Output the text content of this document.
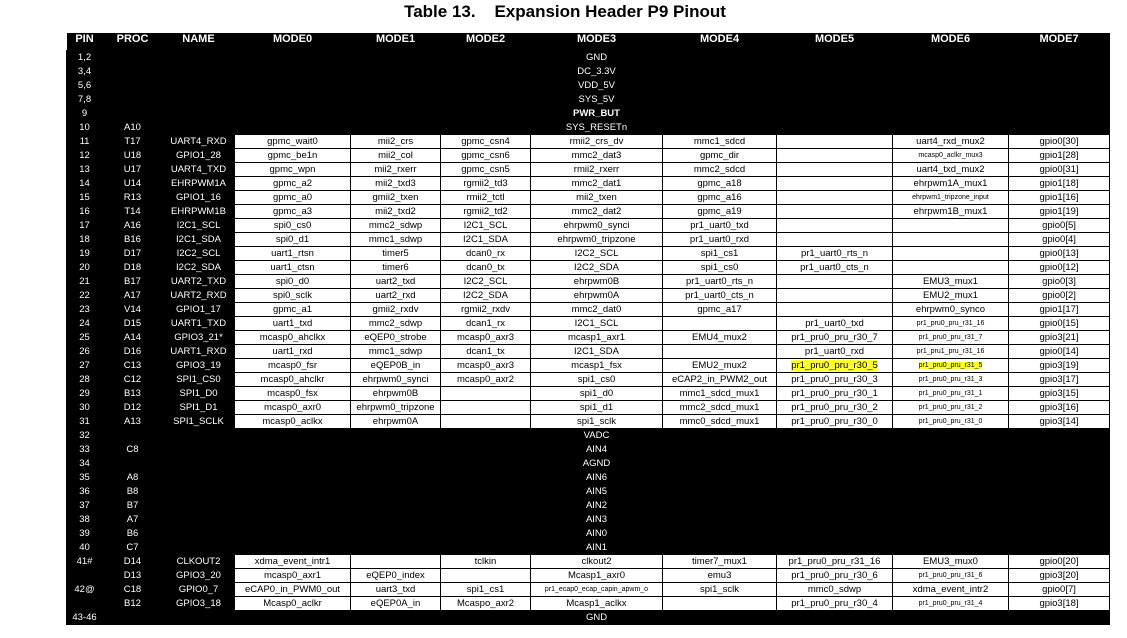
Table 13.    Expansion Header P9 Pinout
PIN	PROC	NAME	MODE0	MODE1	MODE2	MODE3	MODE4	MODE5	MODE6	MODE7
1,2						GND				
3,4						DC_3.3V				
5,6						VDD_5V				
7,8						SYS_5V				
9						PWR_BUT				
10	A10					SYS_RESETn				
11	T17	UART4_RXD	gpmc_wait0	mii2_crs	gpmc_csn4	rmii2_crs_dv	mmc1_sdcd		uart4_rxd_mux2	gpio0[30]
12	U18	GPIO1_28	gpmc_be1n	mii2_col	gpmc_csn6	mmc2_dat3	gpmc_dir		mcasp0_aclkr_mux3	gpio1[28]
13	U17	UART4_TXD	gpmc_wpn	mii2_rxerr	gpmc_csn5	rmii2_rxerr	mmc2_sdcd		uart4_txd_mux2	gpio0[31]
14	U14	EHRPWM1A	gpmc_a2	mii2_txd3	rgmii2_td3	mmc2_dat1	gpmc_a18		ehrpwm1A_mux1	gpio1[18]
15	R13	GPIO1_16	gpmc_a0	gmii2_txen	rmii2_tctl	mii2_txen	gpmc_a16		ehrpwm1_tripzone_input	gpio1[16]
16	T14	EHRPWM1B	gpmc_a3	mii2_txd2	rgmii2_td2	mmc2_dat2	gpmc_a19		ehrpwm1B_mux1	gpio1[19]
17	A16	I2C1_SCL	spi0_cs0	mmc2_sdwp	I2C1_SCL	ehrpwm0_synci	pr1_uart0_txd			gpio0[5]
18	B16	I2C1_SDA	spi0_d1	mmc1_sdwp	I2C1_SDA	ehrpwm0_tripzone	pr1_uart0_rxd			gpio0[4]
19	D17	I2C2_SCL	uart1_rtsn	timer5	dcan0_rx	I2C2_SCL	spi1_cs1	pr1_uart0_rts_n		gpio0[13]
20	D18	I2C2_SDA	uart1_ctsn	timer6	dcan0_tx	I2C2_SDA	spi1_cs0	pr1_uart0_cts_n		gpio0[12]
21	B17	UART2_TXD	spi0_d0	uart2_txd	I2C2_SCL	ehrpwm0B	pr1_uart0_rts_n		EMU3_mux1	gpio0[3]
22	A17	UART2_RXD	spi0_sclk	uart2_rxd	I2C2_SDA	ehrpwm0A	pr1_uart0_cts_n		EMU2_mux1	gpio0[2]
23	V14	GPIO1_17	gpmc_a1	gmii2_rxdv	rgmii2_rxdv	mmc2_dat0	gpmc_a17		ehrpwm0_synco	gpio1[17]
24	D15	UART1_TXD	uart1_txd	mmc2_sdwp	dcan1_rx	I2C1_SCL		pr1_uart0_txd	pr1_pru0_pru_r31_16	gpio0[15]
25	A14	GPIO3_21*	mcasp0_ahclkx	eQEP0_strobe	mcasp0_axr3	mcasp1_axr1	EMU4_mux2	pr1_pru0_pru_r30_7	pr1_pru0_pru_r31_7	gpio3[21]
26	D16	UART1_RXD	uart1_rxd	mmc1_sdwp	dcan1_tx	I2C1_SDA		pr1_uart0_rxd	pr1_pru1_pru_r31_16	gpio0[14]
27	C13	GPIO3_19	mcasp0_fsr	eQEP0B_in	mcasp0_axr3	mcasp1_fsx	EMU2_mux2	pr1_pru0_pru_r30_5	pr1_pru0_pru_r31_5	gpio3[19]
28	C12	SPI1_CS0	mcasp0_ahclkr	ehrpwm0_synci	mcasp0_axr2	spi1_cs0	eCAP2_in_PWM2_out	pr1_pru0_pru_r30_3	pr1_pru0_pru_r31_3	gpio3[17]
29	B13	SPI1_D0	mcasp0_fsx	ehrpwm0B		spi1_d0	mmc1_sdcd_mux1	pr1_pru0_pru_r30_1	pr1_pru0_pru_r31_1	gpio3[15]
30	D12	SPI1_D1	mcasp0_axr0	ehrpwm0_tripzone		spi1_d1	mmc2_sdcd_mux1	pr1_pru0_pru_r30_2	pr1_pru0_pru_r31_2	gpio3[16]
31	A13	SPI1_SCLK	mcasp0_aclkx	ehrpwm0A		spi1_sclk	mmc0_sdcd_mux1	pr1_pru0_pru_r30_0	pr1_pru0_pru_r31_0	gpio3[14]
32						VADC				
33	C8					AIN4				
34						AGND				
35	A8					AIN6				
36	B8					AIN5				
37	B7					AIN2				
38	A7					AIN3				
39	B6					AIN0				
40	C7					AIN1				
41#	D14	CLKOUT2	xdma_event_intr1		tclkin	clkout2	timer7_mux1	pr1_pru0_pru_r31_16	EMU3_mux0	gpio0[20]
	D13	GPIO3_20	mcasp0_axr1	eQEP0_index		Mcasp1_axr0	emu3	pr1_pru0_pru_r30_6	pr1_pru0_pru_r31_6	gpio3[20]
42@	C18	GPIO0_7	eCAP0_in_PWM0_out	uart3_txd	spi1_cs1	pr1_ecap0_ecap_capin_apwm_o	spi1_sclk	mmc0_sdwp	xdma_event_intr2	gpio0[7]
	B12	GPIO3_18	Mcasp0_aclkr	eQEP0A_in	Mcaspo_axr2	Mcasp1_aclkx		pr1_pru0_pru_r30_4	pr1_pru0_pru_r31_4	gpio3[18]
43-46						GND				
